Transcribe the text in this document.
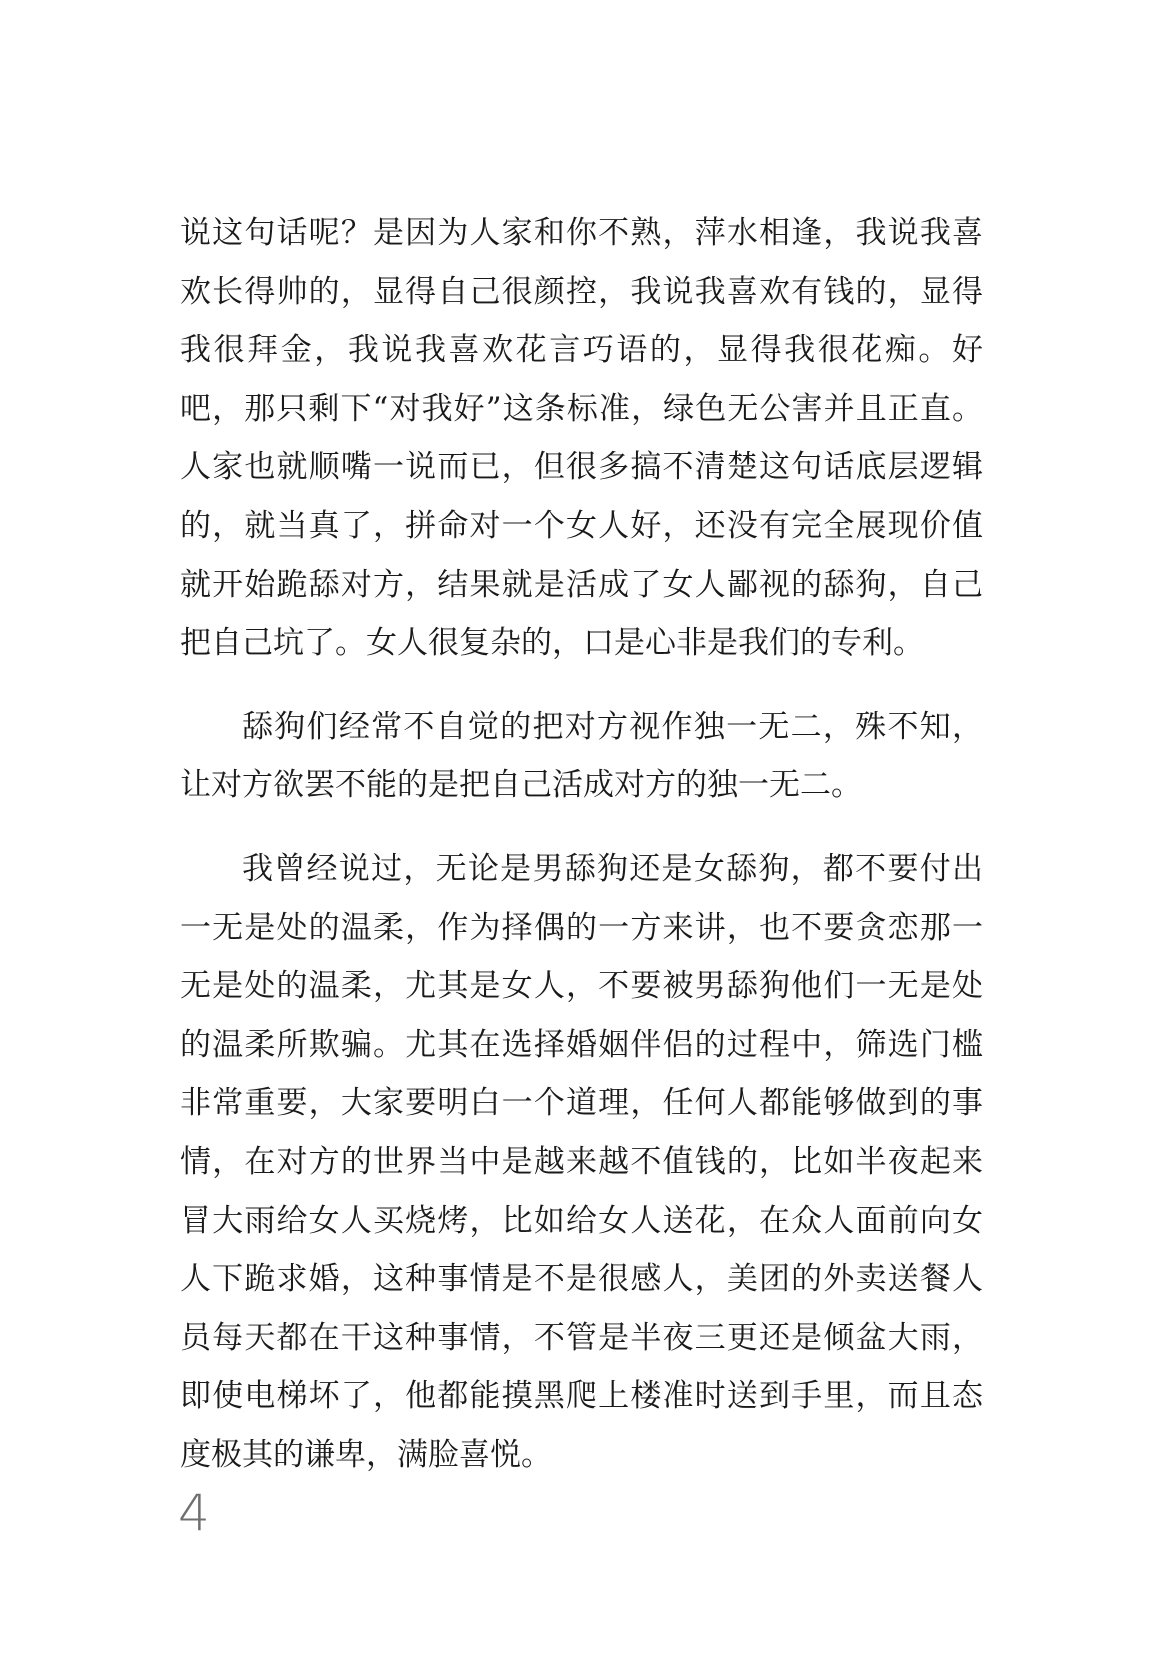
说这句话呢？是因为人家和你不熟，萍水相逢，我说我喜欢长得帅的，显得自己很颜控，我说我喜欢有钱的，显得我很拜金，我说我喜欢花言巧语的，显得我很花痴。好吧，那只剩下“对我好”这条标准，绿色无公害并且正直。人家也就顺嘴一说而已，但很多搞不清楚这句话底层逻辑的，就当真了，拼命对一个女人好，还没有完全展现价值就开始跪舔对方，结果就是活成了女人鄙视的舔狗，自己把自己坑了。女人很复杂的，口是心非是我们的专利。

舔狗们经常不自觉的把对方视作独一无二，殊不知，让对方欲罢不能的是把自己活成对方的独一无二。

我曾经说过，无论是男舔狗还是女舔狗，都不要付出一无是处的温柔，作为择偶的一方来讲，也不要贪恋那一无是处的温柔，尤其是女人，不要被男舔狗他们一无是处的温柔所欺骗。尤其在选择婚姻伴侣的过程中，筛选门槛非常重要，大家要明白一个道理，任何人都能够做到的事情，在对方的世界当中是越来越不值钱的，比如半夜起来冒大雨给女人买烧烤，比如给女人送花，在众人面前向女人下跪求婚，这种事情是不是很感人，美团的外卖送餐人员每天都在干这种事情，不管是半夜三更还是倾盆大雨，即使电梯坏了，他都能摸黑爬上楼准时送到手里，而且态度极其的谦卑，满脸喜悦。

4
